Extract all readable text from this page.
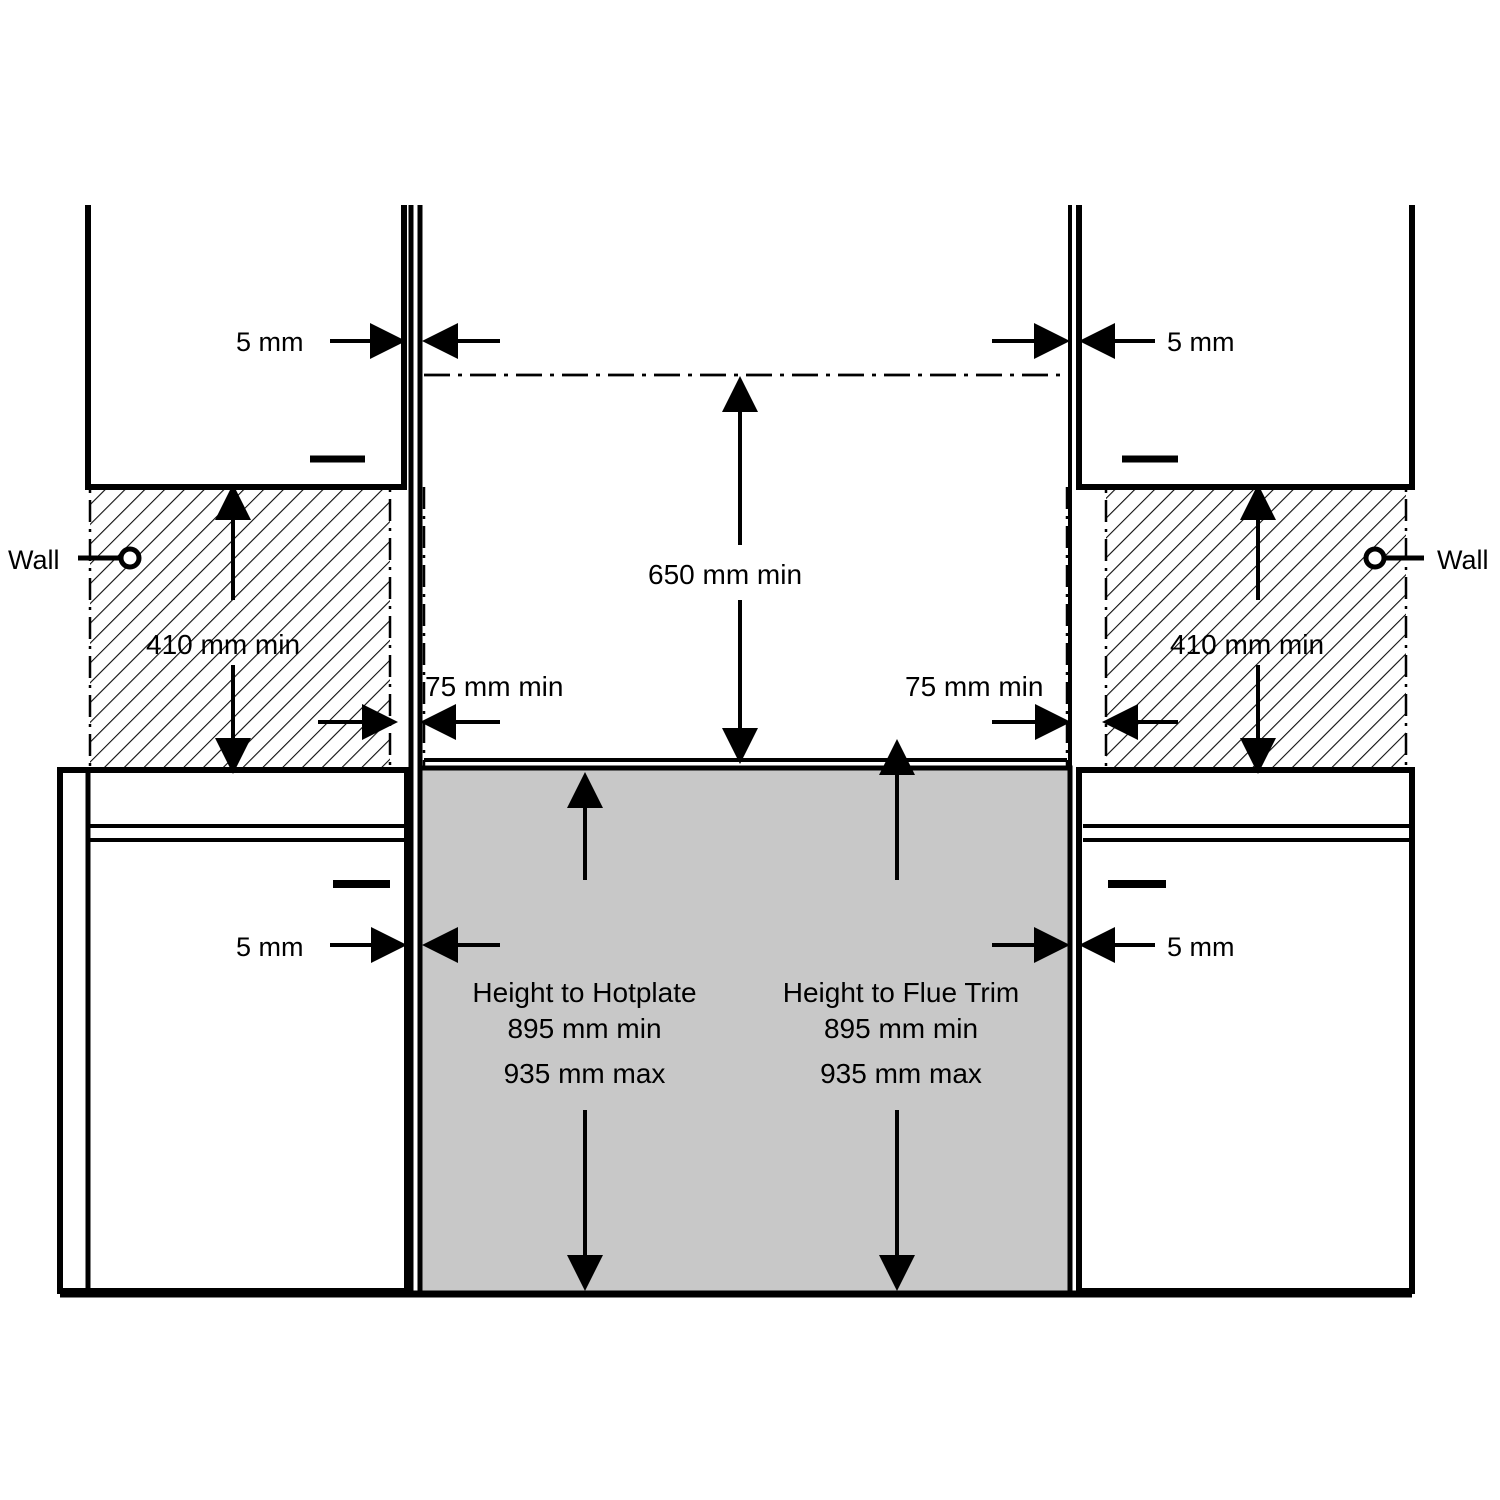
Wall	Wall
5 mm	5 mm
5 mm	5 mm
650 mm min
75 mm min	75 mm min
410 mm min	410 mm min
Height to Hotplate
895 mm min
935 mm max
Height to Flue Trim
895 mm min
935 mm max
